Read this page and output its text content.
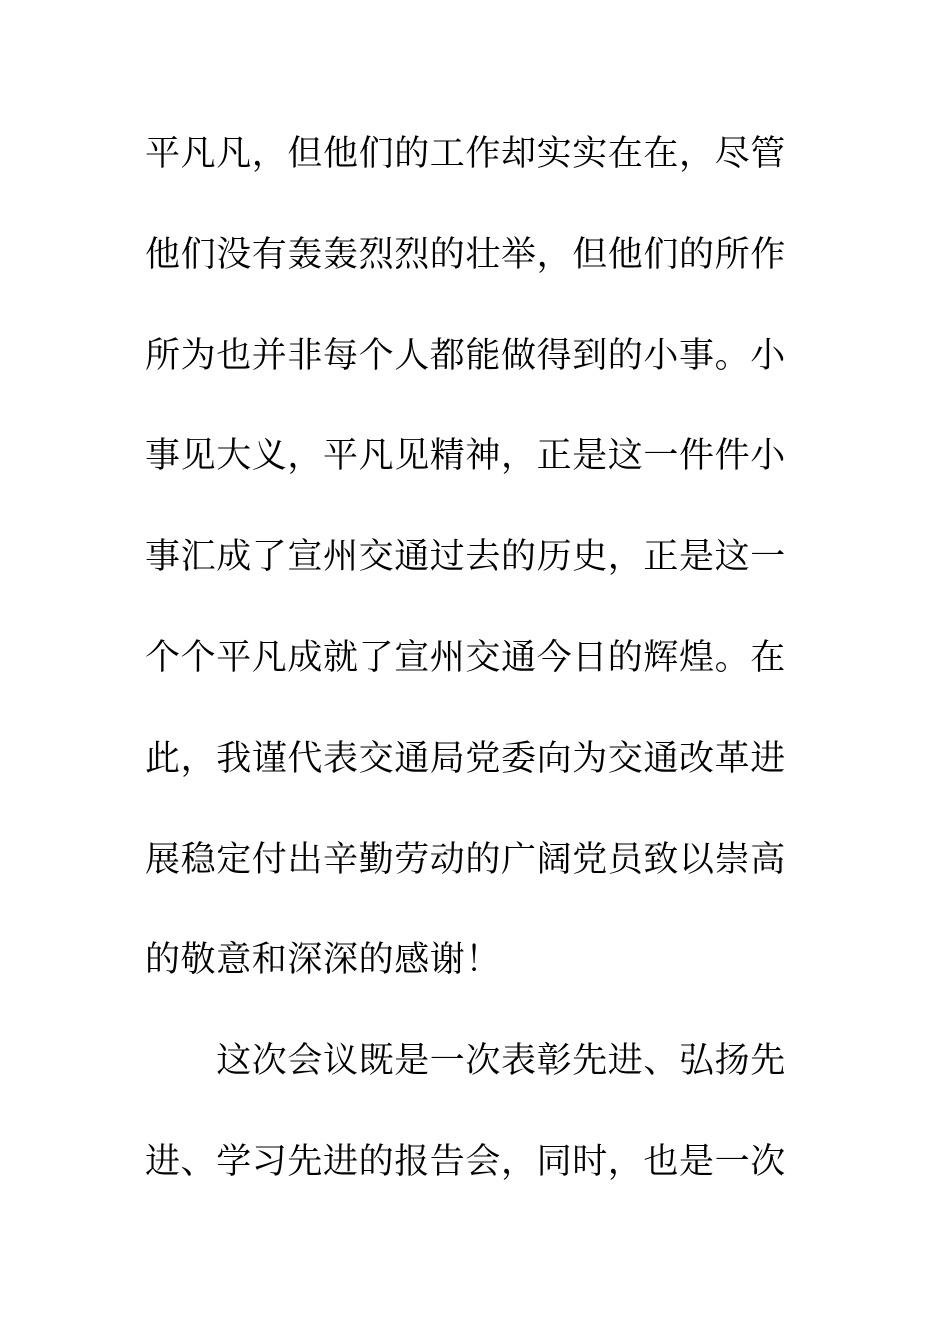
平凡凡，但他们的工作却实实在在，尽管
他们没有轰轰烈烈的壮举，但他们的所作
所为也并非每个人都能做得到的小事。小
事见大义，平凡见精神，正是这一件件小
事汇成了宣州交通过去的历史，正是这一
个个平凡成就了宣州交通今日的辉煌。在
此，我谨代表交通局党委向为交通改革进
展稳定付出辛勤劳动的广阔党员致以崇高
的敬意和深深的感谢！
　　这次会议既是一次表彰先进、弘扬先
进、学习先进的报告会，同时，也是一次
